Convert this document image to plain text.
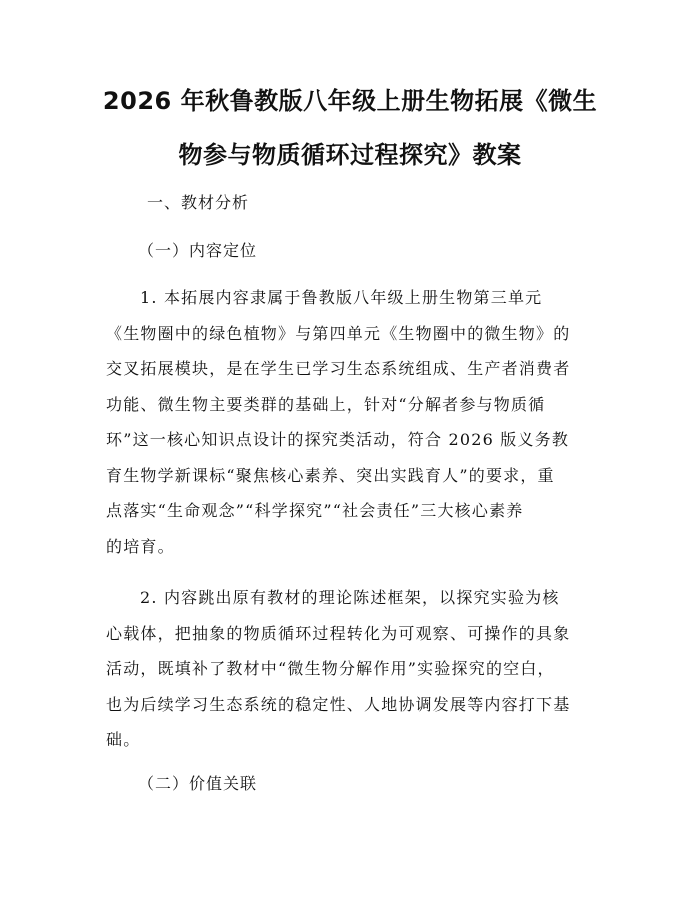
2026 年秋鲁教版八年级上册生物拓展《微生
物参与物质循环过程探究》教案

一、教材分析

（一）内容定位

1. 本拓展内容隶属于鲁教版八年级上册生物第三单元
《生物圈中的绿色植物》与第四单元《生物圈中的微生物》的
交叉拓展模块，是在学生已学习生态系统组成、生产者消费者
功能、微生物主要类群的基础上，针对“分解者参与物质循
环”这一核心知识点设计的探究类活动，符合 2026 版义务教
育生物学新课标“聚焦核心素养、突出实践育人”的要求，重
点落实“生命观念”“科学探究”“社会责任”三大核心素养
的培育。
2. 内容跳出原有教材的理论陈述框架，以探究实验为核
心载体，把抽象的物质循环过程转化为可观察、可操作的具象
活动，既填补了教材中“微生物分解作用”实验探究的空白，
也为后续学习生态系统的稳定性、人地协调发展等内容打下基
础。

（二）价值关联
